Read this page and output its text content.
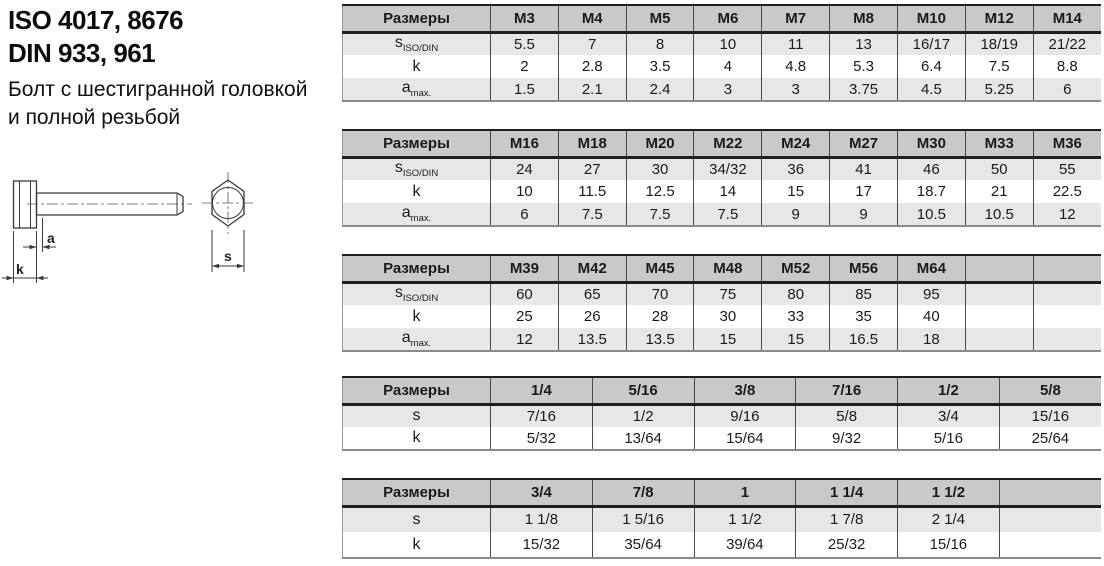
ISO 4017, 8676
DIN 933, 961
Болт с шестигранной головкой
и полной резьбой
a
k
s
Размеры	M3	M4	M5	M6	M7	M8	M10	M12	M14
$s_{ISO/DIN}$	5.5	7	8	10	11	13	16/17	18/19	21/22
k	2	2.8	3.5	4	4.8	5.3	6.4	7.5	8.8
$a_{max.}$	1.5	2.1	2.4	3	3	3.75	4.5	5.25	6
Размеры	M16	M18	M20	M22	M24	M27	M30	M33	M36
$s_{ISO/DIN}$	24	27	30	34/32	36	41	46	50	55
k	10	11.5	12.5	14	15	17	18.7	21	22.5
$a_{max.}$	6	7.5	7.5	7.5	9	9	10.5	10.5	12
Размеры	M39	M42	M45	M48	M52	M56	M64		
$s_{ISO/DIN}$	60	65	70	75	80	85	95		
k	25	26	28	30	33	35	40		
$a_{max.}$	12	13.5	13.5	15	15	16.5	18		
Размеры	1/4	5/16	3/8	7/16	1/2	5/8
s	7/16	1/2	9/16	5/8	3/4	15/16
k	5/32	13/64	15/64	9/32	5/16	25/64
Размеры	3/4	7/8	1	1 1/4	1 1/2	
s	1 1/8	1 5/16	1 1/2	1 7/8	2 1/4	
k	15/32	35/64	39/64	25/32	15/16	
